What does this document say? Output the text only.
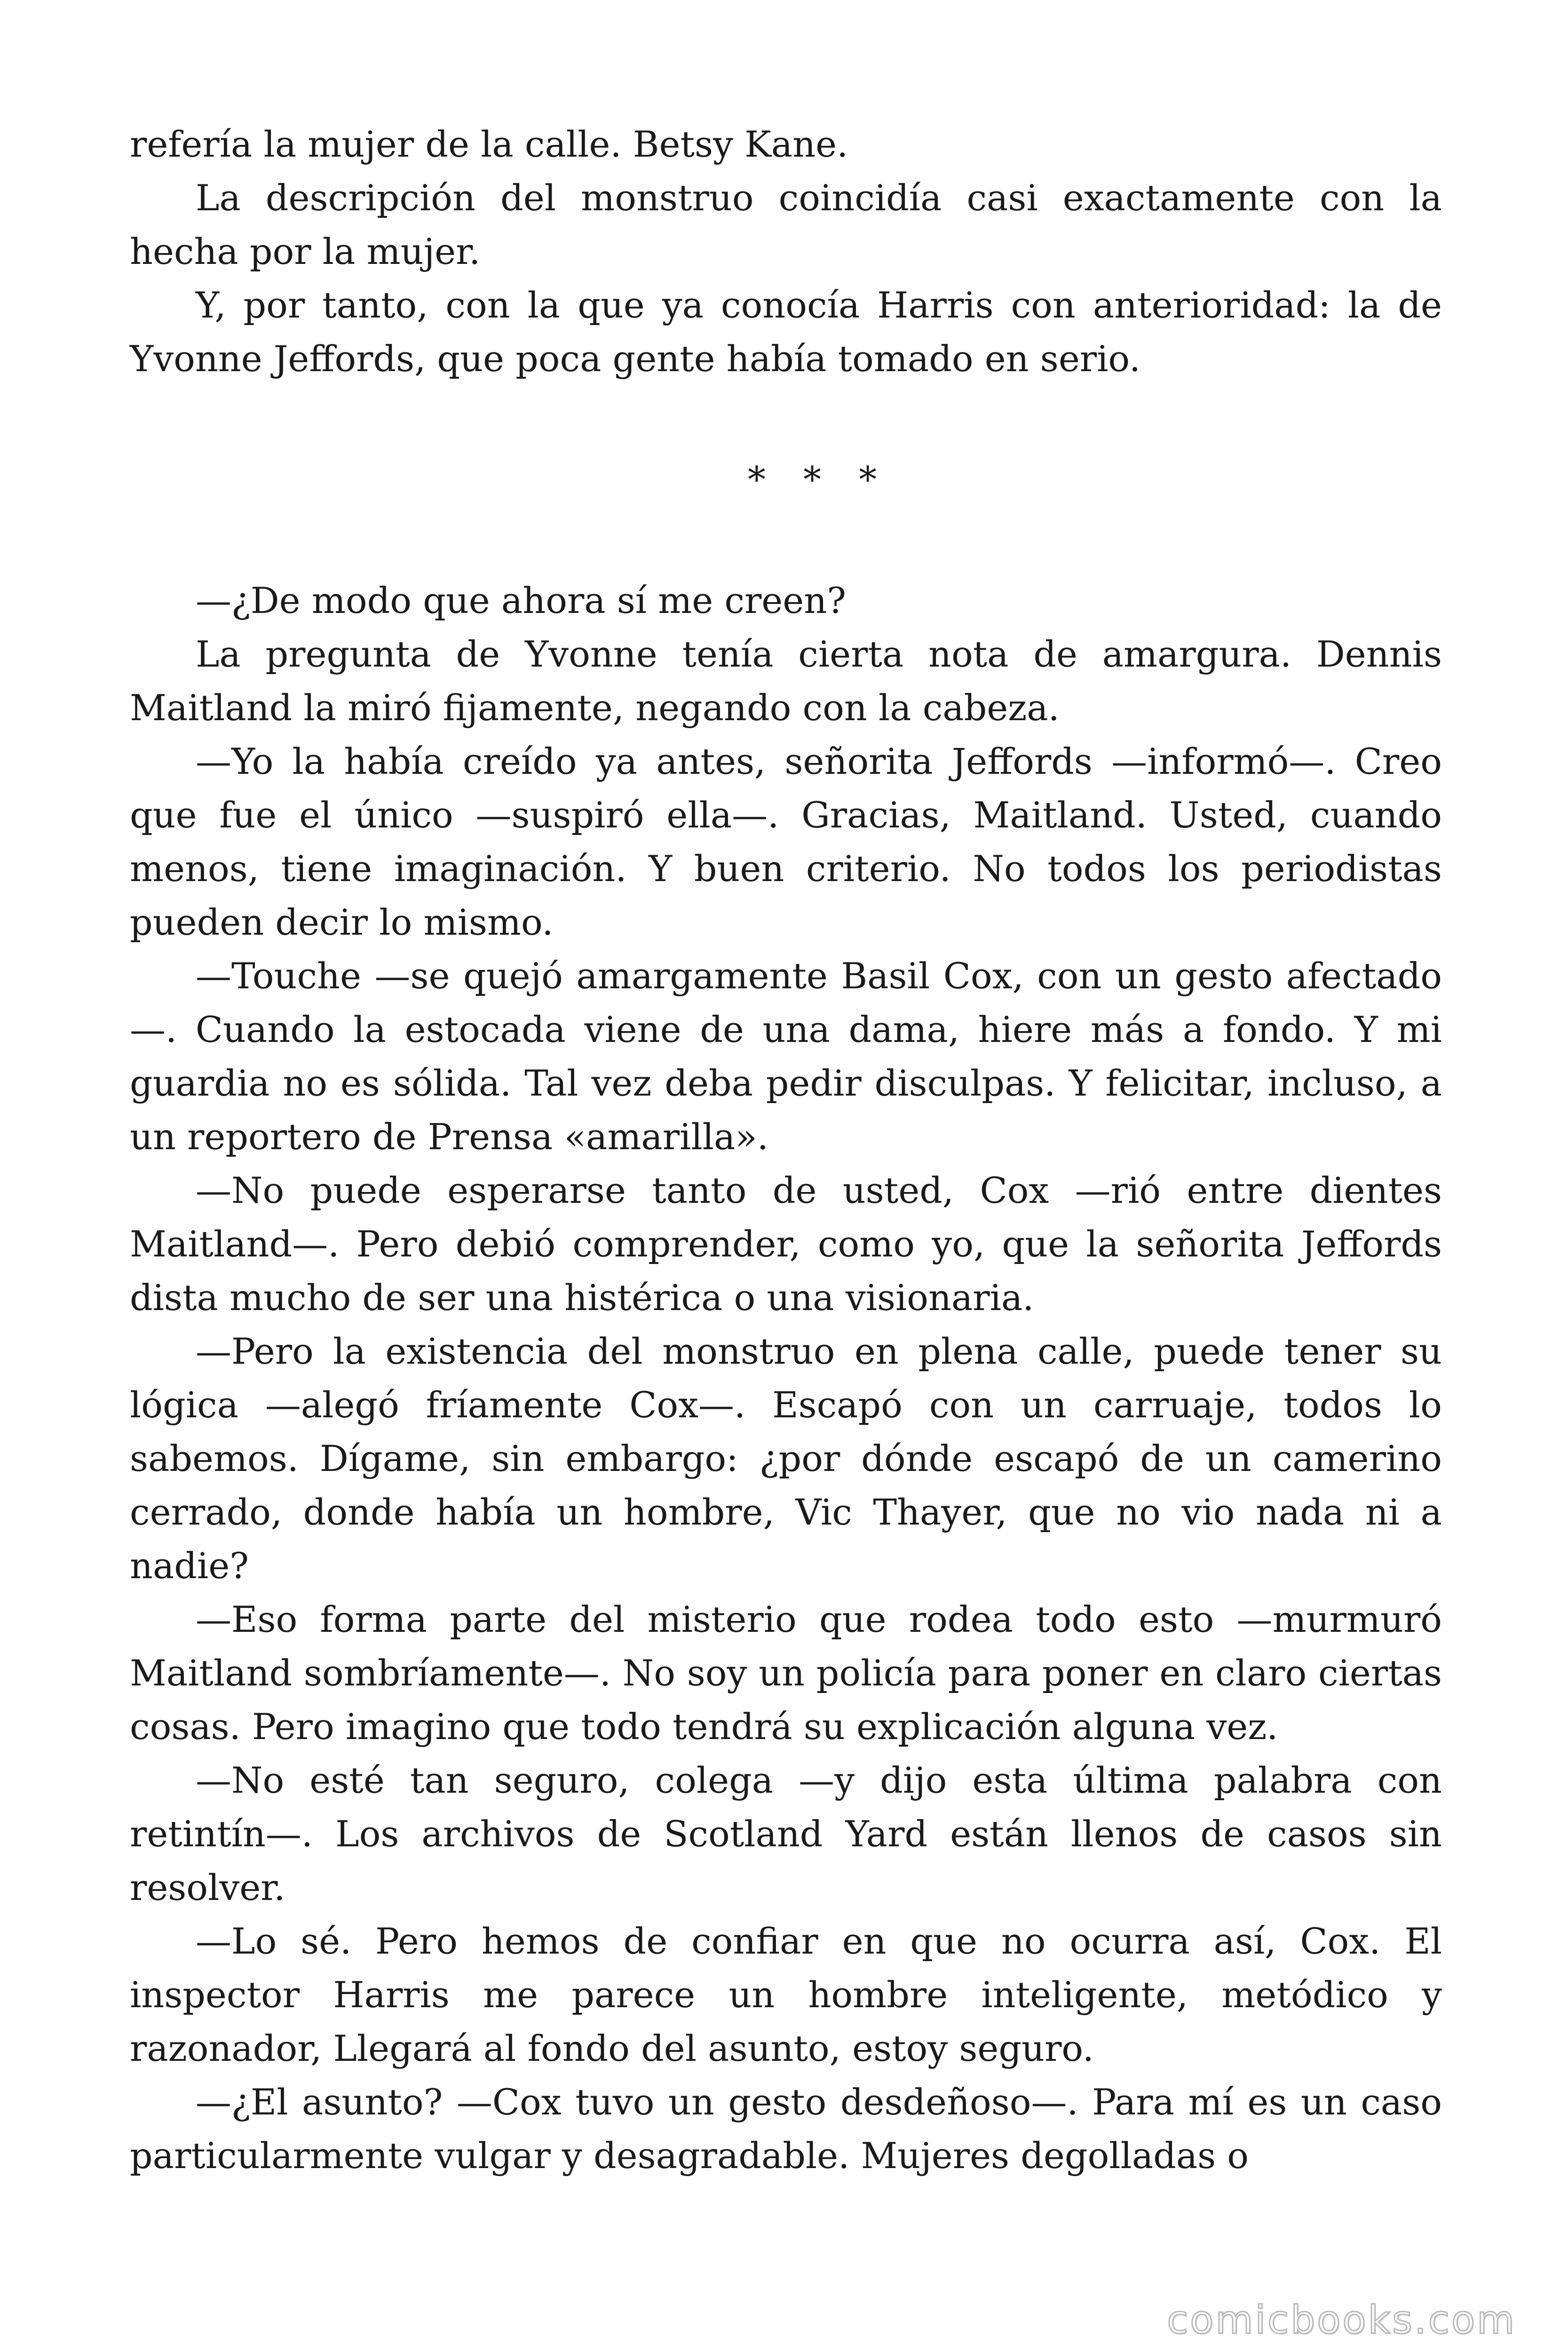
refería la mujer de la calle. Betsy Kane.

La descripción del monstruo coincidía casi exactamente con la hecha por la mujer.

Y, por tanto, con la que ya conocía Harris con anterioridad: la de Yvonne Jeffords, que poca gente había tomado en serio.

* * *

—¿De modo que ahora sí me creen?

La pregunta de Yvonne tenía cierta nota de amargura. Dennis Maitland la miró fijamente, negando con la cabeza.

—Yo la había creído ya antes, señorita Jeffords —informó—. Creo que fue el único —suspiró ella—. Gracias, Maitland. Usted, cuando menos, tiene imaginación. Y buen criterio. No todos los periodistas pueden decir lo mismo.

—Touche —se quejó amargamente Basil Cox, con un gesto afectado—. Cuando la estocada viene de una dama, hiere más a fondo. Y mi guardia no es sólida. Tal vez deba pedir disculpas. Y felicitar, incluso, a un reportero de Prensa «amarilla».

—No puede esperarse tanto de usted, Cox —rió entre dientes Maitland—. Pero debió comprender, como yo, que la señorita Jeffords dista mucho de ser una histérica o una visionaria.

—Pero la existencia del monstruo en plena calle, puede tener su lógica —alegó fríamente Cox—. Escapó con un carruaje, todos lo sabemos. Dígame, sin embargo: ¿por dónde escapó de un camerino cerrado, donde había un hombre, Vic Thayer, que no vio nada ni a nadie?

—Eso forma parte del misterio que rodea todo esto —murmuró Maitland sombríamente—. No soy un policía para poner en claro ciertas cosas. Pero imagino que todo tendrá su explicación alguna vez.

—No esté tan seguro, colega —y dijo esta última palabra con retintín—. Los archivos de Scotland Yard están llenos de casos sin resolver.

—Lo sé. Pero hemos de confiar en que no ocurra así, Cox. El inspector Harris me parece un hombre inteligente, metódico y razonador, Llegará al fondo del asunto, estoy seguro.

—¿El asunto? —Cox tuvo un gesto desdeñoso—. Para mí es un caso particularmente vulgar y desagradable. Mujeres degolladas o

comicbooks.com
